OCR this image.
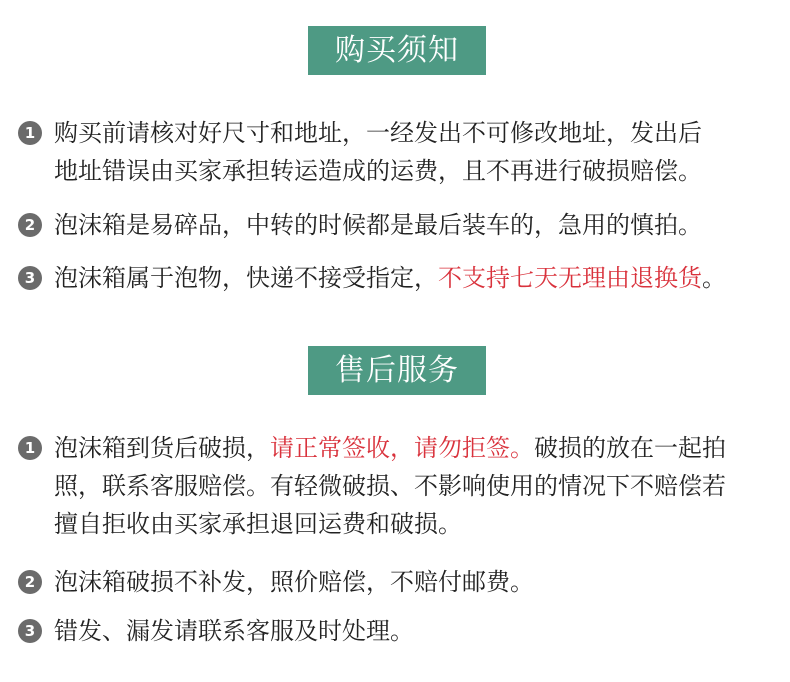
购买须知
1 购买前请核对好尺寸和地址，一经发出不可修改地址，发出后
地址错误由买家承担转运造成的运费，且不再进行破损赔偿。
2 泡沫箱是易碎品，中转的时候都是最后装车的，急用的慎拍。
3 泡沫箱属于泡物，快递不接受指定，不支持七天无理由退换货。
售后服务
1 泡沫箱到货后破损，请正常签收，请勿拒签。破损的放在一起拍
照，联系客服赔偿。有轻微破损、不影响使用的情况下不赔偿若
擅自拒收由买家承担退回运费和破损。
2 泡沫箱破损不补发，照价赔偿，不赔付邮费。
3 错发、漏发请联系客服及时处理。
